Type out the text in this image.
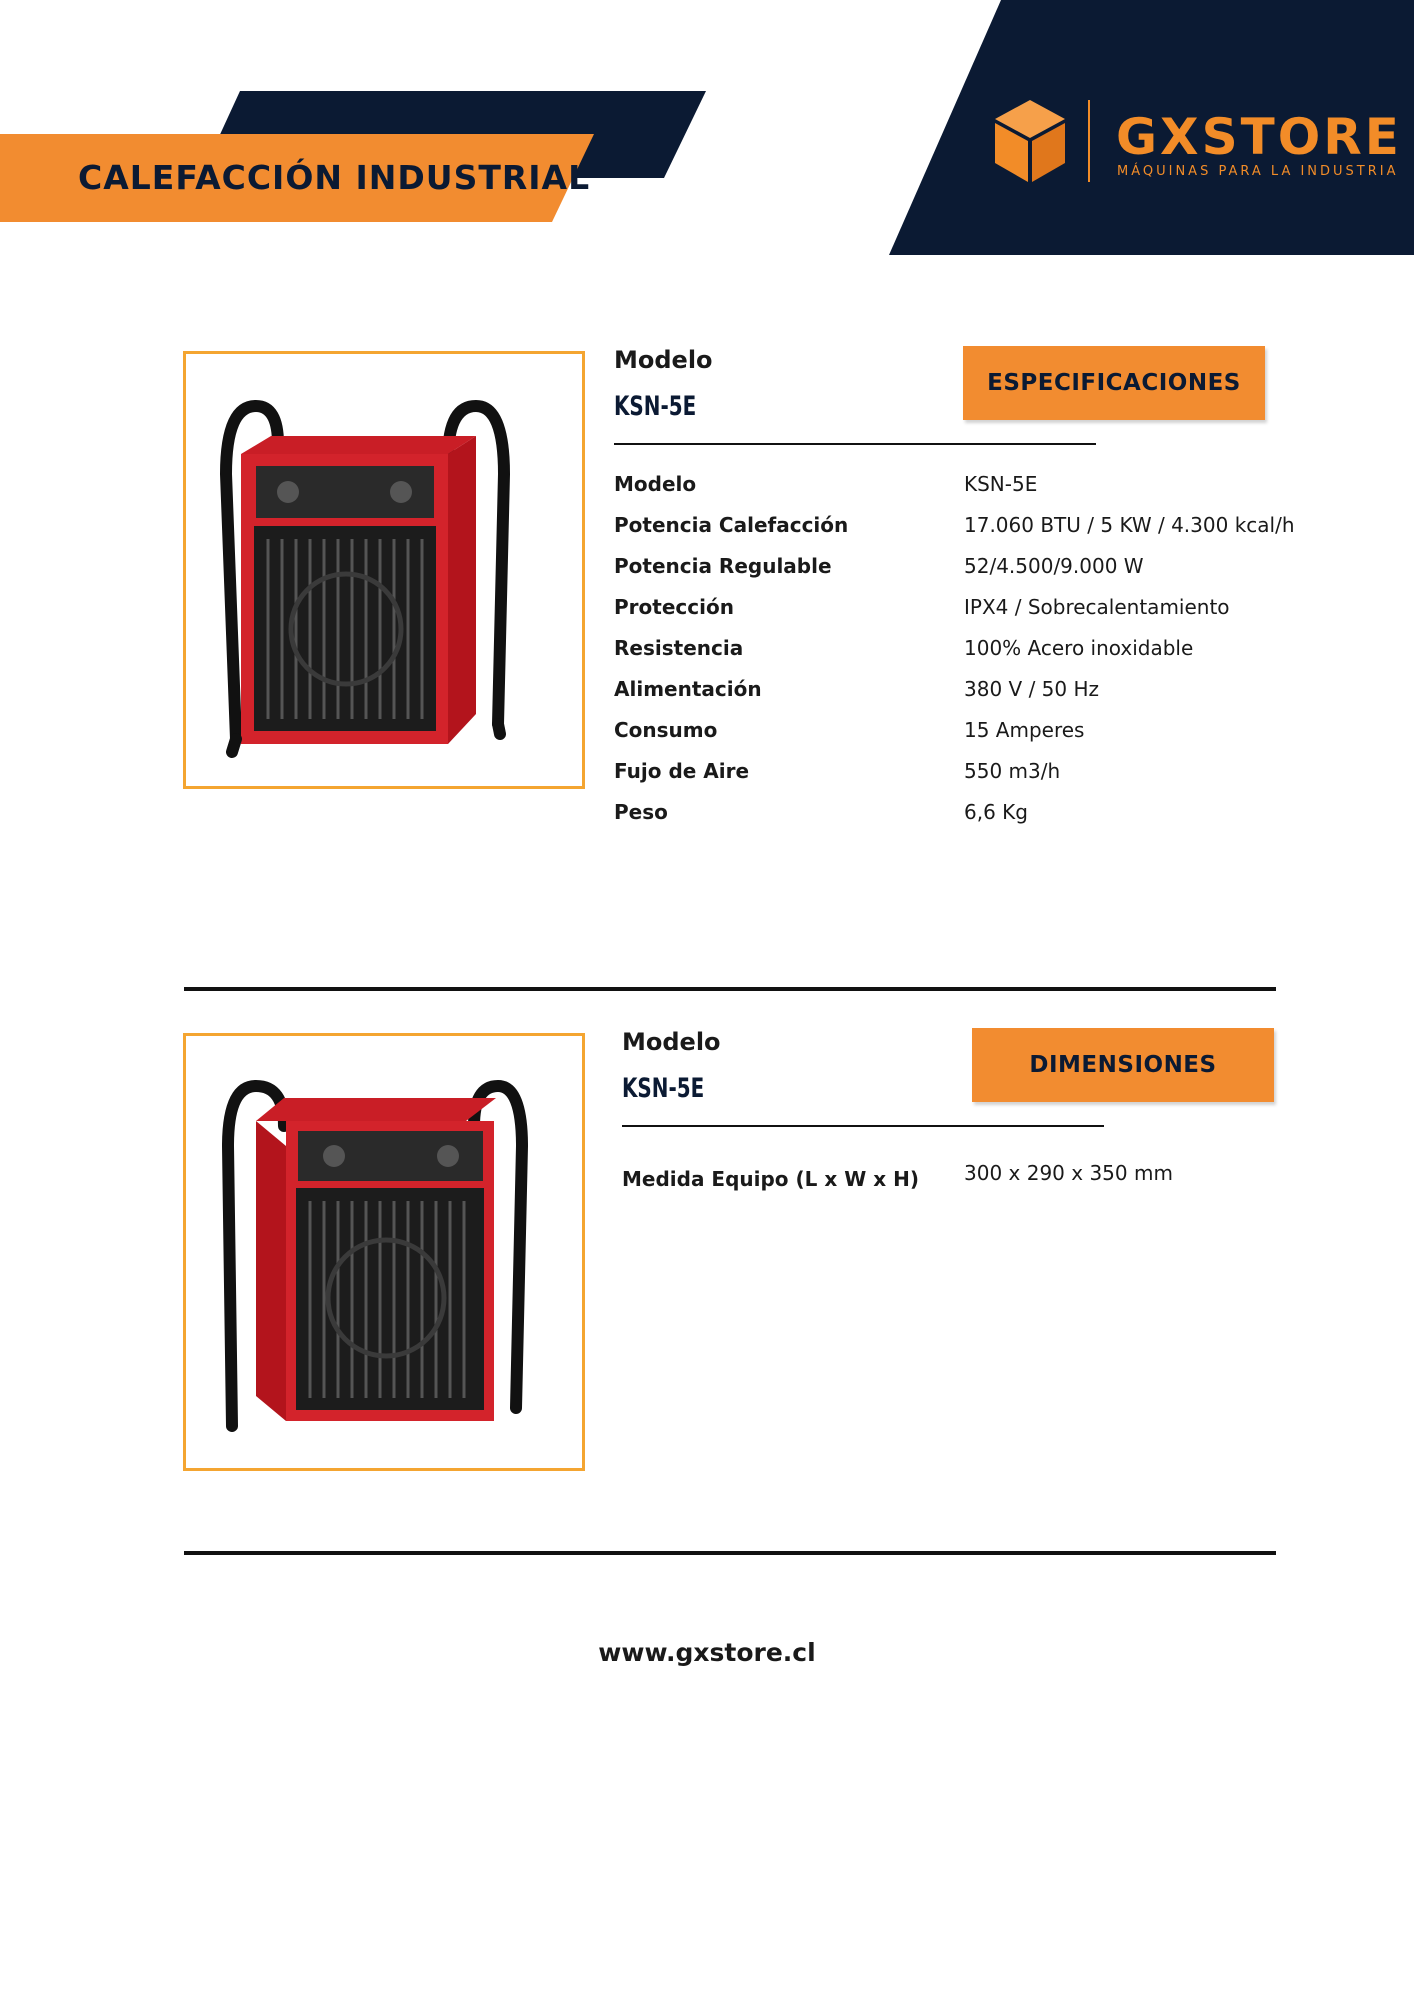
CALEFACCIÓN INDUSTRIAL
GXSTORE
MÁQUINAS PARA LA INDUSTRIA
Modelo
KSN-5E
ESPECIFICACIONES
Modelo	KSN-5E
Potencia Calefacción	17.060 BTU / 5 KW / 4.300 kcal/h
Potencia Regulable	52/4.500/9.000 W
Protección	IPX4 / Sobrecalentamiento
Resistencia	100% Acero inoxidable
Alimentación	380 V / 50 Hz
Consumo	15 Amperes
Fujo de Aire	550 m3/h
Peso	6,6 Kg
Modelo
KSN-5E
DIMENSIONES
Medida Equipo (L x W x H) 300 x 290 x 350 mm
www.gxstore.cl
